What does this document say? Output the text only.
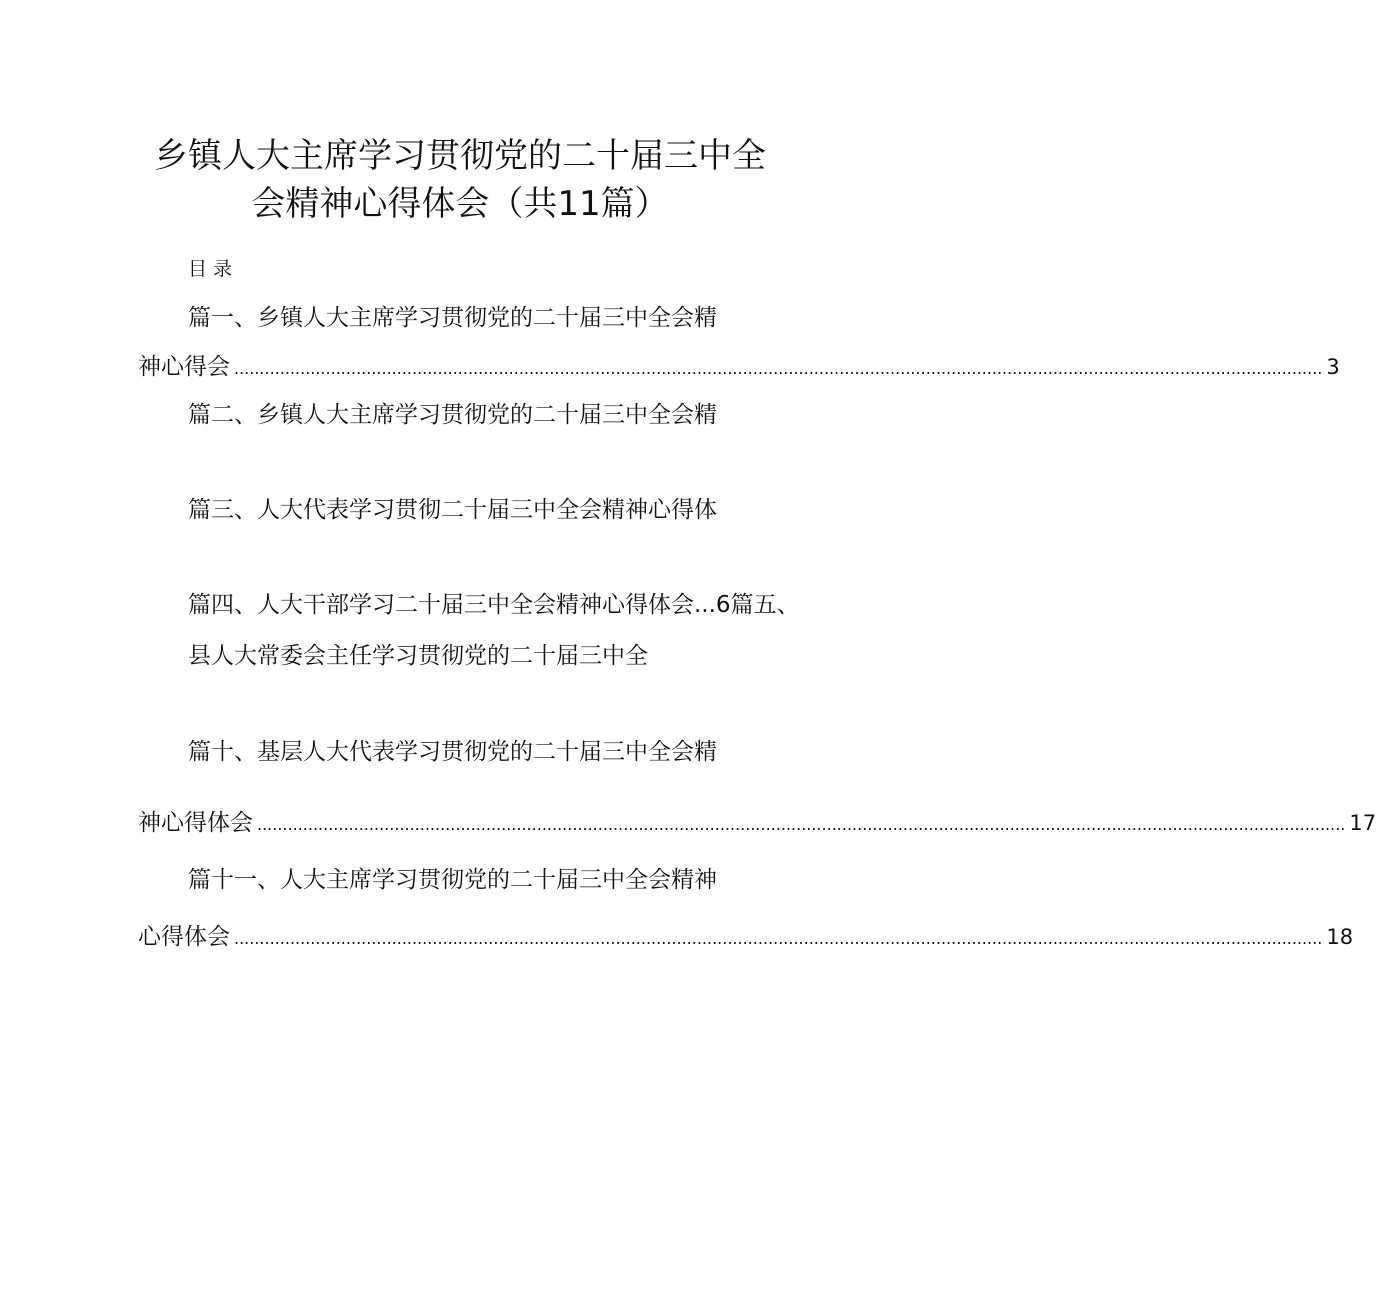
乡镇人大主席学习贯彻党的二十届三中全
会精神心得体会（共11篇）
目录
篇一、乡镇人大主席学习贯彻党的二十届三中全会精
神心得会 ...................................................................................................................................................................................................................... 3
篇二、乡镇人大主席学习贯彻党的二十届三中全会精
篇三、人大代表学习贯彻二十届三中全会精神心得体
篇四、人大干部学习二十届三中全会精神心得体会...6篇五、
县人大常委会主任学习贯彻党的二十届三中全
篇十、基层人大代表学习贯彻党的二十届三中全会精
神心得体会 ...................................................................................................................................................................................................................... 17
篇十一、人大主席学习贯彻党的二十届三中全会精神
心得体会 ...................................................................................................................................................................................................................... 18
